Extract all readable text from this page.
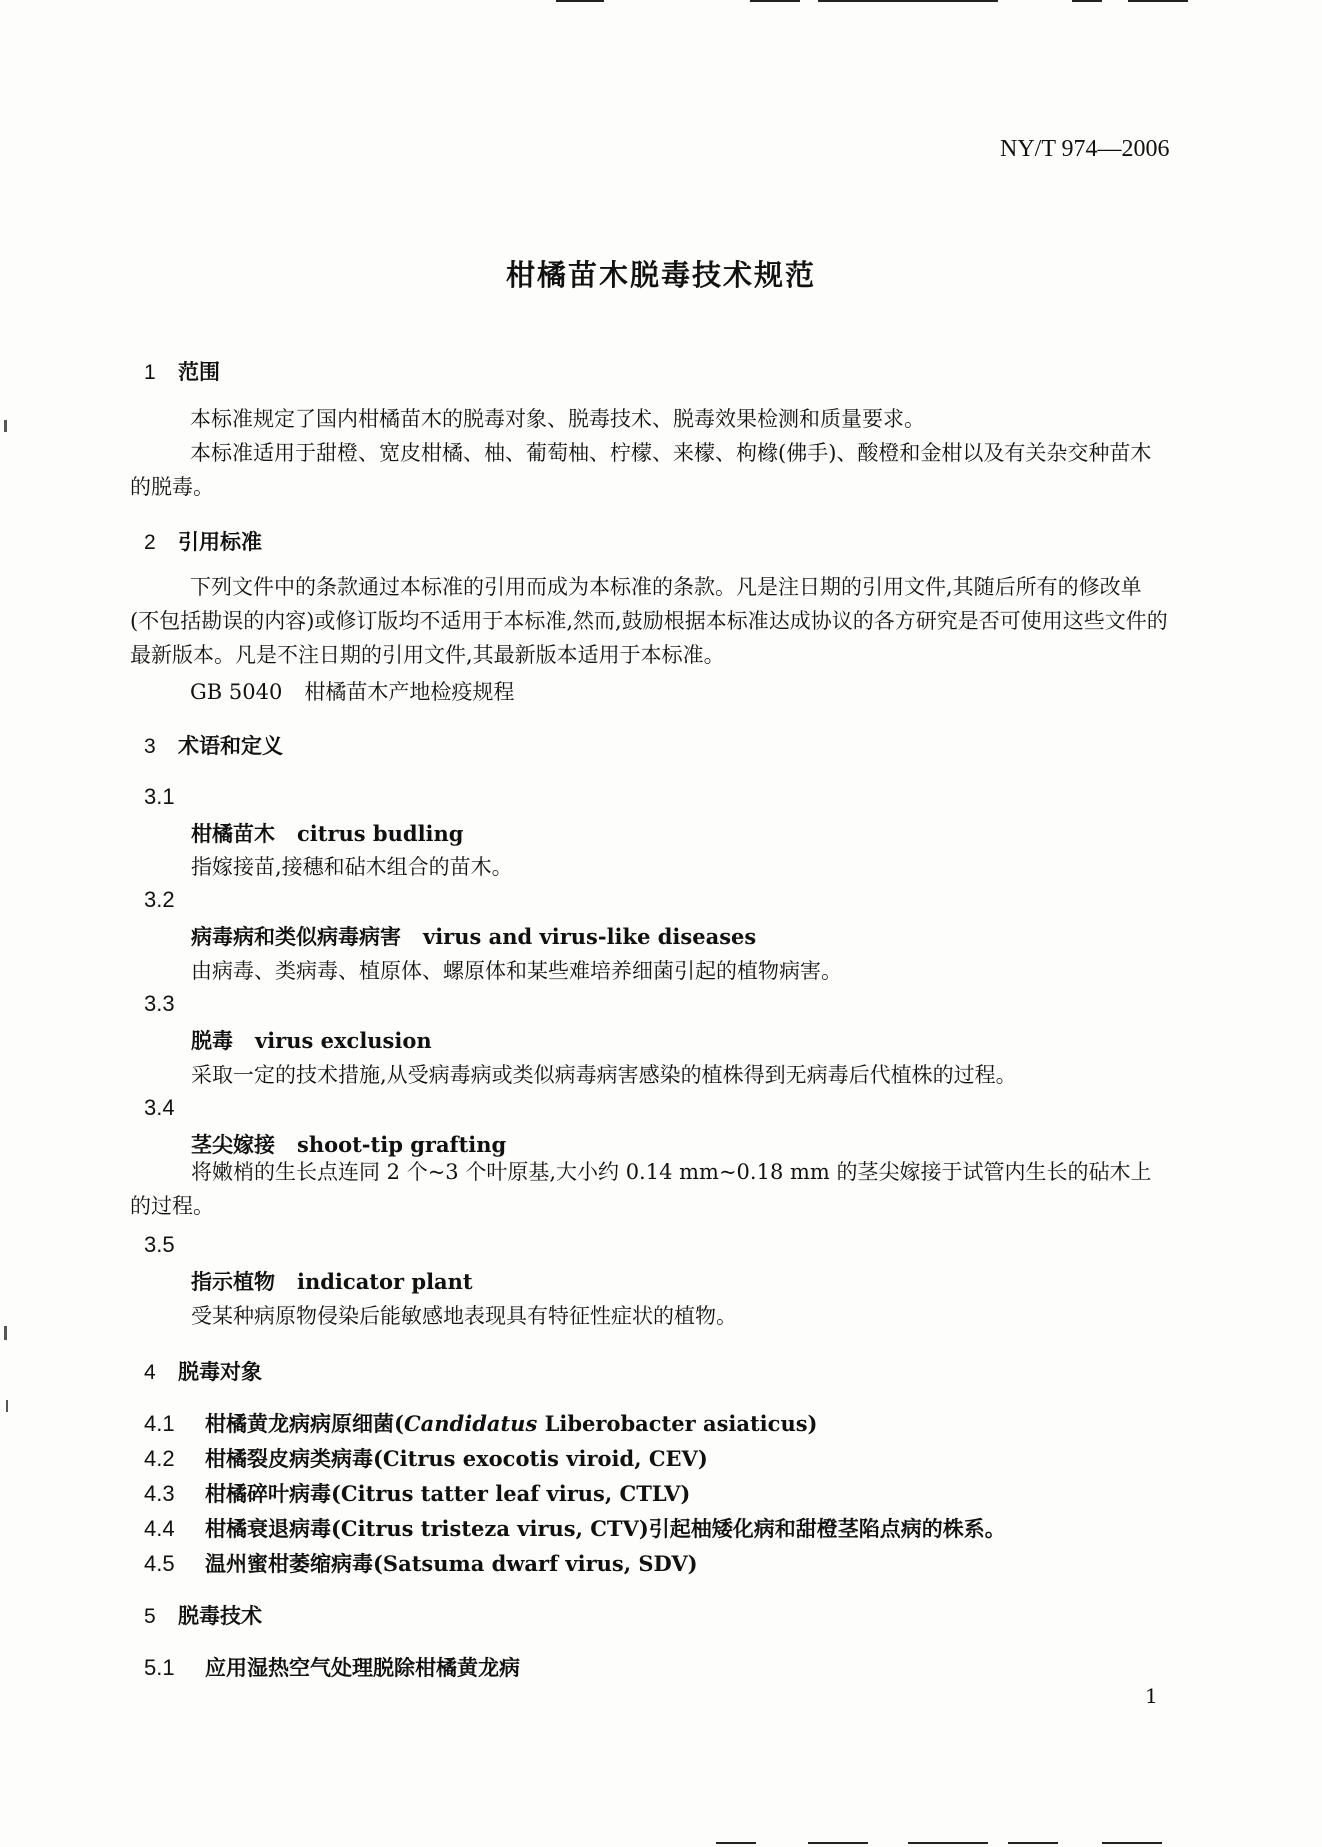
NY/T 974—2006
柑橘苗木脱毒技术规范
1 范围

本标准规定了国内柑橘苗木的脱毒对象、脱毒技术、脱毒效果检测和质量要求。

本标准适用于甜橙、宽皮柑橘、柚、葡萄柚、柠檬、来檬、枸橼(佛手)、酸橙和金柑以及有关杂交种苗木的脱毒。

2 引用标准

下列文件中的条款通过本标准的引用而成为本标准的条款。凡是注日期的引用文件,其随后所有的修改单(不包括勘误的内容)或修订版均不适用于本标准,然而,鼓励根据本标准达成协议的各方研究是否可使用这些文件的最新版本。凡是不注日期的引用文件,其最新版本适用于本标准。

GB 5040 柑橘苗木产地检疫规程
3 术语和定义
3.1
柑橘苗木 citrus budling
指嫁接苗,接穗和砧木组合的苗木。
3.2
病毒病和类似病毒病害 virus and virus-like diseases
由病毒、类病毒、植原体、螺原体和某些难培养细菌引起的植物病害。
3.3
脱毒 virus exclusion
采取一定的技术措施,从受病毒病或类似病毒病害感染的植株得到无病毒后代植株的过程。
3.4
茎尖嫁接 shoot-tip grafting

将嫩梢的生长点连同 2 个~3 个叶原基,大小约 0.14 mm~0.18 mm 的茎尖嫁接于试管内生长的砧木上的过程。

3.5
指示植物 indicator plant
受某种病原物侵染后能敏感地表现具有特征性症状的植物。
4 脱毒对象
4.1 柑橘黄龙病病原细菌(Candidatus Liberobacter asiaticus)
4.2 柑橘裂皮病类病毒(Citrus exocotis viroid, CEV)
4.3 柑橘碎叶病毒(Citrus tatter leaf virus, CTLV)
4.4 柑橘衰退病毒(Citrus tristeza virus, CTV)引起柚矮化病和甜橙茎陷点病的株系。
4.5 温州蜜柑萎缩病毒(Satsuma dwarf virus, SDV)
5 脱毒技术
5.1 应用湿热空气处理脱除柑橘黄龙病
1
